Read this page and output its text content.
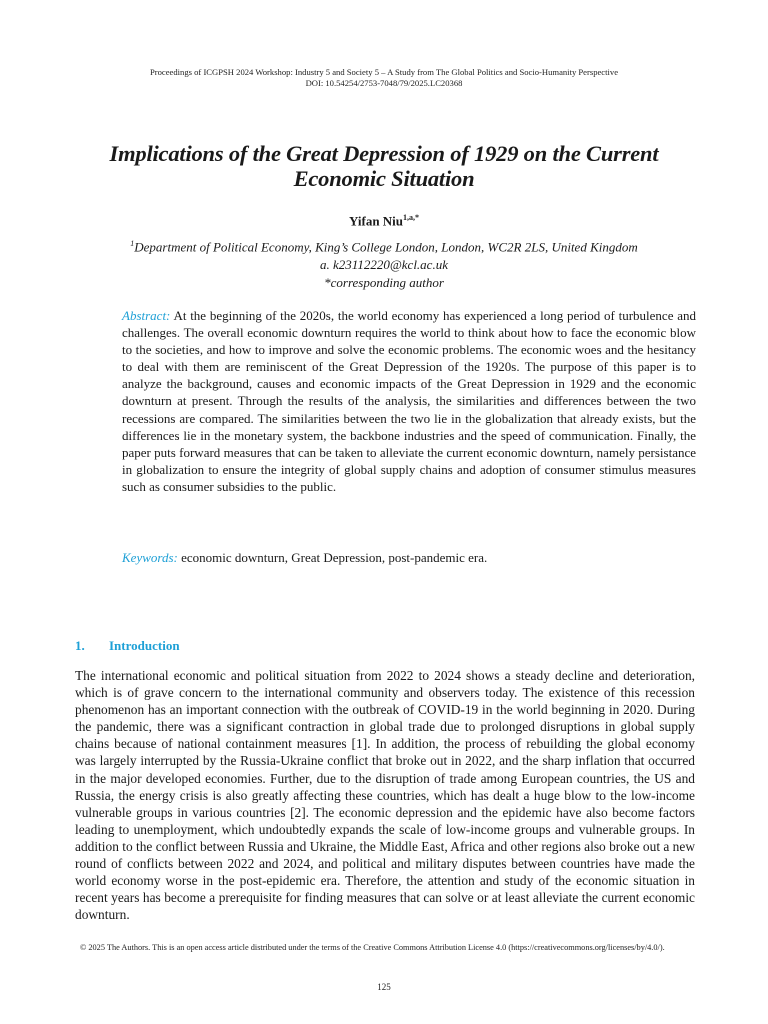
Proceedings of ICGPSH 2024 Workshop: Industry 5 and Society 5 – A Study from The Global Politics and Socio-Humanity Perspective
DOI: 10.54254/2753-7048/79/2025.LC20368
Implications of the Great Depression of 1929 on the Current
Economic Situation
Yifan Niu$^{1,a,*}$
$^1$Department of Political Economy, King’s College London, London, WC2R 2LS, United Kingdom
a. k23112220@kcl.ac.uk
*corresponding author

Abstract: At the beginning of the 2020s, the world economy has experienced a long period of turbulence and challenges. The overall economic downturn requires the world to think about how to face the economic blow to the societies, and how to improve and solve the economic problems. The economic woes and the hesitancy to deal with them are reminiscent of the Great Depression of the 1920s. The purpose of this paper is to analyze the background, causes and economic impacts of the Great Depression in 1929 and the economic downturn at present. Through the results of the analysis, the similarities and differences between the two recessions are compared. The similarities between the two lie in the globalization that already exists, but the differences lie in the monetary system, the backbone industries and the speed of communication. Finally, the paper puts forward measures that can be taken to alleviate the current economic downturn, namely persistance in globalization to ensure the integrity of global supply chains and adoption of consumer stimulus measures such as consumer subsidies to the public.

Keywords: economic downturn, Great Depression, post-pandemic era.

1. Introduction

The international economic and political situation from 2022 to 2024 shows a steady decline and deterioration, which is of grave concern to the international community and observers today. The existence of this recession phenomenon has an important connection with the outbreak of COVID-19 in the world beginning in 2020. During the pandemic, there was a significant contraction in global trade due to prolonged disruptions in global supply chains because of national containment measures [1]. In addition, the process of rebuilding the global economy was largely interrupted by the Russia-Ukraine conflict that broke out in 2022, and the sharp inflation that occurred in the major developed economies. Further, due to the disruption of trade among European countries, the US and Russia, the energy crisis is also greatly affecting these countries, which has dealt a huge blow to the low-income vulnerable groups in various countries [2]. The economic depression and the epidemic have also become factors leading to unemployment, which undoubtedly expands the scale of low-income groups and vulnerable groups. In addition to the conflict between Russia and Ukraine, the Middle East, Africa and other regions also broke out a new round of conflicts between 2022 and 2024, and political and military disputes between countries have made the world economy worse in the post-epidemic era. Therefore, the attention and study of the economic situation in recent years has become a prerequisite for finding measures that can solve or at least alleviate the current economic downturn.

© 2025 The Authors. This is an open access article distributed under the terms of the Creative Commons Attribution License 4.0 (https://creativecommons.org/licenses/by/4.0/).

125
